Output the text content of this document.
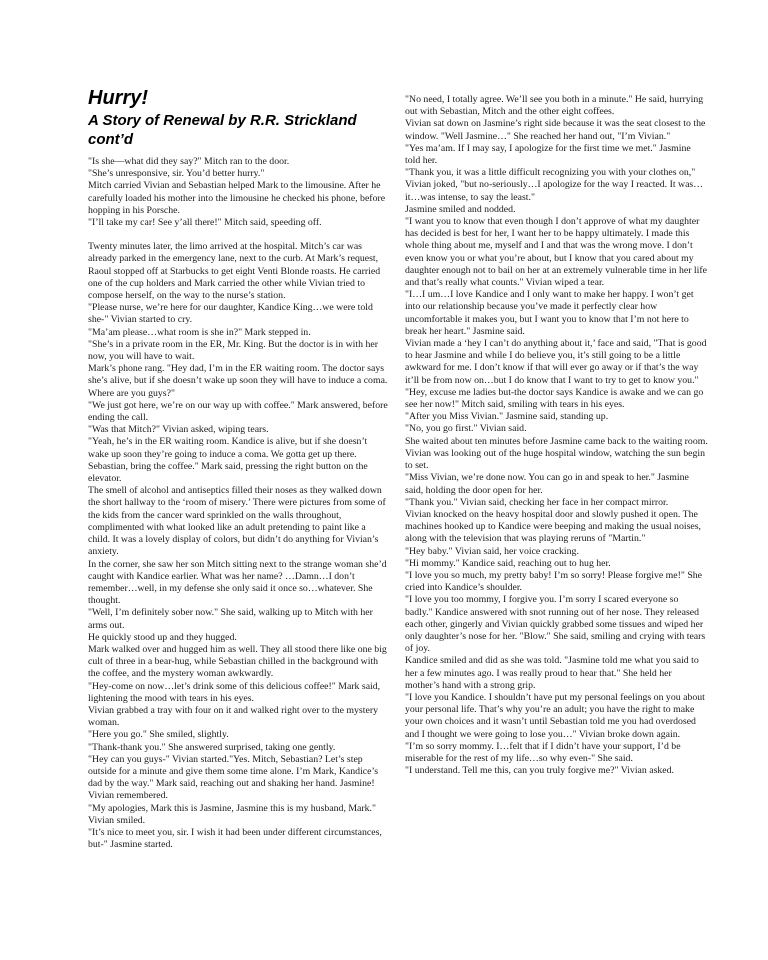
Hurry!
A Story of Renewal by R.R. Strickland cont’d

"Is she—what did they say?" Mitch ran to the door.

"She’s unresponsive, sir. You’d better hurry."

Mitch carried Vivian and Sebastian helped Mark to the limousine. After he carefully loaded his mother into the limousine he checked his phone, before hopping in his Porsche.

"I’ll take my car! See y’all there!" Mitch said, speeding off.

Twenty minutes later, the limo arrived at the hospital. Mitch’s car was already parked in the emergency lane, next to the curb. At Mark’s request, Raoul stopped off at Starbucks to get eight Venti Blonde roasts. He carried one of the cup holders and Mark carried the other while Vivian tried to compose herself, on the way to the nurse’s station.

"Please nurse, we’re here for our daughter, Kandice King…we were told she-" Vivian started to cry.

"Ma’am please…what room is she in?" Mark stepped in.

"She’s in a private room in the ER, Mr. King. But the doctor is in with her now, you will have to wait.

Mark’s phone rang. "Hey dad, I’m in the ER waiting room. The doctor says she’s alive, but if she doesn’t wake up soon they will have to induce a coma. Where are you guys?"

"We just got here, we’re on our way up with coffee." Mark answered, before ending the call.

"Was that Mitch?" Vivian asked, wiping tears.

"Yeah, he’s in the ER waiting room. Kandice is alive, but if she doesn’t wake up soon they’re going to induce a coma. We gotta get up there. Sebastian, bring the coffee." Mark said, pressing the right button on the elevator.

The smell of alcohol and antiseptics filled their noses as they walked down the short hallway to the ‘room of misery.’ There were pictures from some of the kids from the cancer ward sprinkled on the walls throughout, complimented with what looked like an adult pretending to paint like a child. It was a lovely display of colors, but didn’t do anything for Vivian’s anxiety.

In the corner, she saw her son Mitch sitting next to the strange woman she’d caught with Kandice earlier. What was her name? …Damn…I don’t remember…well, in my defense she only said it once so…whatever. She thought.

"Well, I’m definitely sober now." She said, walking up to Mitch with her arms out.

He quickly stood up and they hugged.

Mark walked over and hugged him as well. They all stood there like one big cult of three in a bear-hug, while Sebastian chilled in the background with the coffee, and the mystery woman awkwardly.

"Hey-come on now…let’s drink some of this delicious coffee!" Mark said, lightening the mood with tears in his eyes.

Vivian grabbed a tray with four on it and walked right over to the mystery woman.

"Here you go." She smiled, slightly.

"Thank-thank you." She answered surprised, taking one gently.

"Hey can you guys-" Vivian started."Yes. Mitch, Sebastian? Let’s step outside for a minute and give them some time alone. I’m Mark, Kandice’s dad by the way." Mark said, reaching out and shaking her hand. Jasmine! Vivian remembered.

"My apologies, Mark this is Jasmine, Jasmine this is my husband, Mark." Vivian smiled.

"It’s nice to meet you, sir. I wish it had been under different circumstances, but-" Jasmine started.

"No need, I totally agree. We’ll see you both in a minute." He said, hurrying out with Sebastian, Mitch and the other eight coffees.

Vivian sat down on Jasmine’s right side because it was the seat closest to the window. "Well Jasmine…" She reached her hand out, "I’m Vivian."

"Yes ma’am. If I may say, I apologize for the first time we met." Jasmine told her.

"Thank you, it was a little difficult recognizing you with your clothes on," Vivian joked, "but no-seriously…I apologize for the way I reacted. It was…it…was intense, to say the least."

Jasmine smiled and nodded.

"I want you to know that even though I don’t approve of what my daughter has decided is best for her, I want her to be happy ultimately. I made this whole thing about me, myself and I and that was the wrong move. I don’t even know you or what you’re about, but I know that you cared about my daughter enough not to bail on her at an extremely vulnerable time in her life and that’s really what counts." Vivian wiped a tear.

"I…I um…I love Kandice and I only want to make her happy. I won’t get into our relationship because you’ve made it perfectly clear how uncomfortable it makes you, but I want you to know that I’m not here to break her heart." Jasmine said.

Vivian made a ‘hey I can’t do anything about it,’ face and said, "That is good to hear Jasmine and while I do believe you, it’s still going to be a little awkward for me. I don’t know if that will ever go away or if that’s the way it’ll be from now on…but I do know that I want to try to get to know you."

"Hey, excuse me ladies but-the doctor says Kandice is awake and we can go see her now!" Mitch said, smiling with tears in his eyes.

"After you Miss Vivian." Jasmine said, standing up.

"No, you go first." Vivian said.

She waited about ten minutes before Jasmine came back to the waiting room. Vivian was looking out of the huge hospital window, watching the sun begin to set.

"Miss Vivian, we’re done now. You can go in and speak to her." Jasmine said, holding the door open for her.

"Thank you." Vivian said, checking her face in her compact mirror.

Vivian knocked on the heavy hospital door and slowly pushed it open. The machines hooked up to Kandice were beeping and making the usual noises, along with the television that was playing reruns of "Martin."

"Hey baby." Vivian said, her voice cracking.

"Hi mommy." Kandice said, reaching out to hug her.

"I love you so much, my pretty baby! I’m so sorry! Please forgive me!" She cried into Kandice’s shoulder.

"I love you too mommy, I forgive you. I’m sorry I scared everyone so badly." Kandice answered with snot running out of her nose. They released each other, gingerly and Vivian quickly grabbed some tissues and wiped her only daughter’s nose for her. "Blow." She said, smiling and crying with tears of joy.

Kandice smiled and did as she was told. "Jasmine told me what you said to her a few minutes ago. I was really proud to hear that." She held her mother’s hand with a strong grip.

"I love you Kandice. I shouldn’t have put my personal feelings on you about your personal life. That’s why you’re an adult; you have the right to make your own choices and it wasn’t until Sebastian told me you had overdosed and I thought we were going to lose you…" Vivian broke down again.

"I’m so sorry mommy. I…felt that if I didn’t have your support, I’d be miserable for the rest of my life…so why even-" She said.

"I understand. Tell me this, can you truly forgive me?" Vivian asked.
